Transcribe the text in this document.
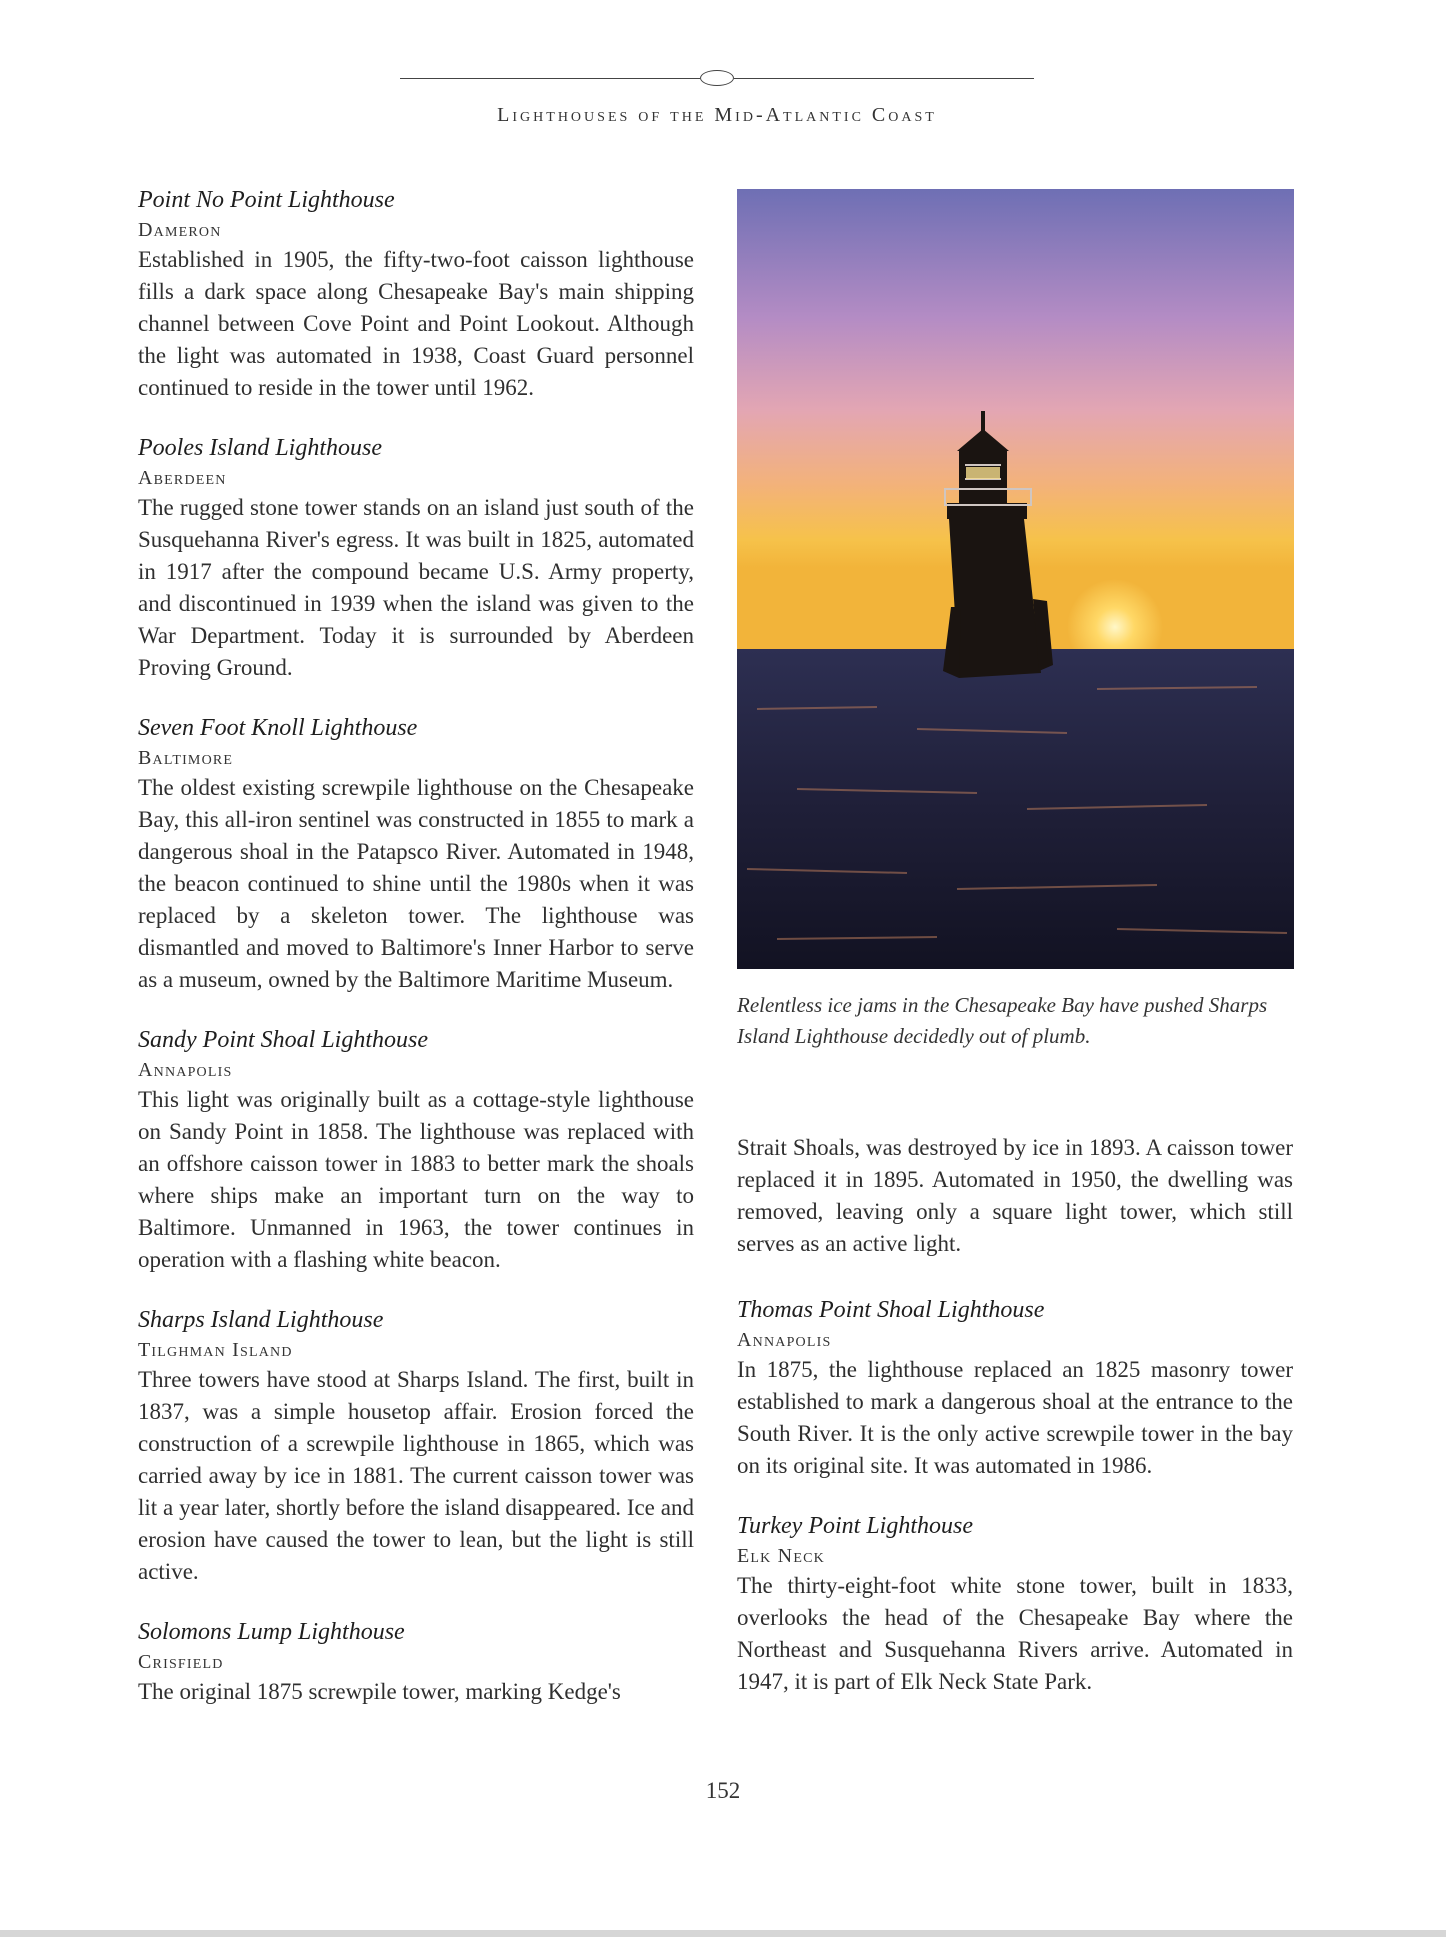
Lighthouses of the Mid-Atlantic Coast
Point No Point Lighthouse
Dameron

Established in 1905, the fifty-two-foot caisson lighthouse fills a dark space along Chesapeake Bay's main shipping channel between Cove Point and Point Lookout. Although the light was automated in 1938, Coast Guard personnel continued to reside in the tower until 1962.

Pooles Island Lighthouse
Aberdeen

The rugged stone tower stands on an island just south of the Susquehanna River's egress. It was built in 1825, automated in 1917 after the compound became U.S. Army property, and discontinued in 1939 when the island was given to the War Department. Today it is surrounded by Aberdeen Proving Ground.

Seven Foot Knoll Lighthouse
Baltimore

The oldest existing screwpile lighthouse on the Chesapeake Bay, this all-iron sentinel was constructed in 1855 to mark a dangerous shoal in the Patapsco River. Automated in 1948, the beacon continued to shine until the 1980s when it was replaced by a skeleton tower. The lighthouse was dismantled and moved to Baltimore's Inner Harbor to serve as a museum, owned by the Baltimore Maritime Museum.

Sandy Point Shoal Lighthouse
Annapolis

This light was originally built as a cottage-style lighthouse on Sandy Point in 1858. The lighthouse was replaced with an offshore caisson tower in 1883 to better mark the shoals where ships make an important turn on the way to Baltimore. Unmanned in 1963, the tower continues in operation with a flashing white beacon.

Sharps Island Lighthouse
Tilghman Island

Three towers have stood at Sharps Island. The first, built in 1837, was a simple housetop affair. Erosion forced the construction of a screwpile lighthouse in 1865, which was carried away by ice in 1881. The current caisson tower was lit a year later, shortly before the island disappeared. Ice and erosion have caused the tower to lean, but the light is still active.

Solomons Lump Lighthouse
Crisfield

The original 1875 screwpile tower, marking Kedge's

Relentless ice jams in the Chesapeake Bay have pushed Sharps Island Lighthouse decidedly out of plumb.

Strait Shoals, was destroyed by ice in 1893. A caisson tower replaced it in 1895. Automated in 1950, the dwelling was removed, leaving only a square light tower, which still serves as an active light.

Thomas Point Shoal Lighthouse
Annapolis

In 1875, the lighthouse replaced an 1825 masonry tower established to mark a dangerous shoal at the entrance to the South River. It is the only active screwpile tower in the bay on its original site. It was automated in 1986.

Turkey Point Lighthouse
Elk Neck

The thirty-eight-foot white stone tower, built in 1833, overlooks the head of the Chesapeake Bay where the Northeast and Susquehanna Rivers arrive. Automated in 1947, it is part of Elk Neck State Park.

152
